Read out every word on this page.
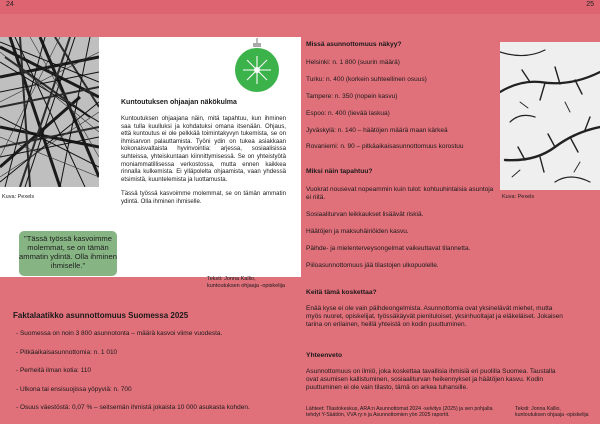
24	25
Kuva: Pexels
Kuntoutuksen ohjaajan näkökulma

Kuntoutuksen ohjaajana näin, mitä tapahtuu, kun ihminen saa tulla kuulluksi ja kohdatuksi omana itsenään. Ohjaus, että kuntoutus ei ole pelkkää toimintakyvyn tukemista, se on ihmisarvon palauttamista. Työni ydin on tukea asiakkaan kokonaisvaltaista hyvinvointia: arjessa, sosiaalisissa suhteissa, yhteiskuntaan kiinnittymisessä. Se on yhteistyötä moniammatillisessa verkostossa, mutta ennen kaikkea rinnalla kulkemista. Ei ylläpolelta ohjaamista, vaan yhdessä etsimistä, kuuntelemista ja luottamusta.

Tässä työssä kasvoimme molemmat, se on tämän ammatin ydintä. Olla ihminen ihmiselle.

"Tässä työssä kasvoimme molemmat, se on tämän ammatin ydintä. Olla ihminen ihmiselle."
Teksti: Jonna Kallio,
kuntoutuksen ohjaaja -opiskelija
Faktalaatikko asunnottomuus Suomessa 2025
- Suomessa on noin 3 800 asunnotonta – määrä kasvoi viime vuodesta.
- Pitkäaikaisasunnottomia: n. 1 010
- Perheitä ilman kotia: 110
- Ulkona tai ensisuojissa yöpyviä: n. 700
- Osuus väestöstä: 0,07 % – seitsemän ihmistä jokaista 10 000 asukasta kohden.
Kuva: Pexels
Missä asunnottomuus näkyy?
Helsinki: n. 1 800 (suurin määrä)
Turku: n. 400 (korkein suhteellinen osuus)
Tampere: n. 350 (nopein kasvu)
Espoo: n. 400 (lievää laskua)
Jyväskylä: n. 140 – häätöjen määrä maan kärkeä
Rovaniemi: n. 90 – pitkäaikaisasunnottomuus korostuu
Miksi näin tapahtuu?
Vuokrat nousevat nopeammin kuin tulot: kohtuuhintaisia asuntoja ei riitä.
Sosiaaliturvan leikkaukset lisäävät riskiä.
Häätöjen ja maksuhäiriöiden kasvu.
Päihde- ja mielenterveysongelmat vaikeuttavat tilannetta.
Piiloasunnottomuus jää tilastojen ulkopuolelle.
Keitä tämä koskettaa?
Enää kyse ei ole vain päihdeongelmista. Asunnottomia ovat yksinelävät miehet, mutta myös nuoret, opiskelijat, työssäkäyvät pienituloiset, yksinhuoltajat ja eläkeläiset. Jokaisen tarina on erilainen, heillä yhteistä on kodin puuttuminen.
Yhteenveto
Asunnottomuus on ilmiö, joka koskettaa tavallisia ihmisiä eri puolilla Suomea. Taustalla ovat asumisen kallistuminen, sosiaaliturvan heikennykset ja häätöjen kasvu. Kodin puuttuminen ei ole vain tilasto, tämä on arkea tuhansille.
Lähteet: Tilastokeskus, ARA:n Asunnottomat 2024 -selvitys (2025) ja sen pohjalta tehdyt Y-Säätiön, VVA ry:n ja Asunnottomien yön 2025 raportit.
Teksti: Jonna Kallio,
kuntoutuksen ohjaaja -opiskelija
